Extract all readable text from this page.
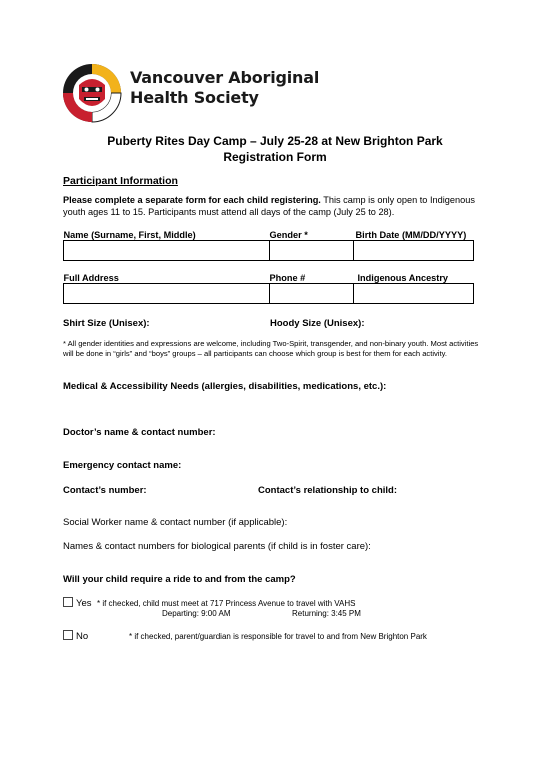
Vancouver Aboriginal
Health Society
Puberty Rites Day Camp – July 25-28 at New Brighton Park
Registration Form
Participant Information
Please complete a separate form for each child registering. This camp is only open to Indigenous youth ages 11 to 15. Participants must attend all days of the camp (July 25 to 28).
Name (Surname, First, Middle)	Gender *	Birth Date (MM/DD/YYYY)

Full Address	Phone #	Indigenous Ancestry

Shirt Size (Unisex):	Hoody Size (Unisex):
* All gender identities and expressions are welcome, including Two-Spirit, transgender, and non-binary youth. Most activities will be done in “girls” and “boys” groups – all participants can choose which group is best for them for each activity.
Medical & Accessibility Needs (allergies, disabilities, medications, etc.):
Doctor’s name & contact number:
Emergency contact name:
Contact’s number:	Contact’s relationship to child:
Social Worker name & contact number (if applicable):
Names & contact numbers for biological parents (if child is in foster care):
Will your child require a ride to and from the camp?
Yes * if checked, child must meet at 717 Princess Avenue to travel with VAHS
Departing: 9:00 AM	Returning: 3:45 PM
No	* if checked, parent/guardian is responsible for travel to and from New Brighton Park
